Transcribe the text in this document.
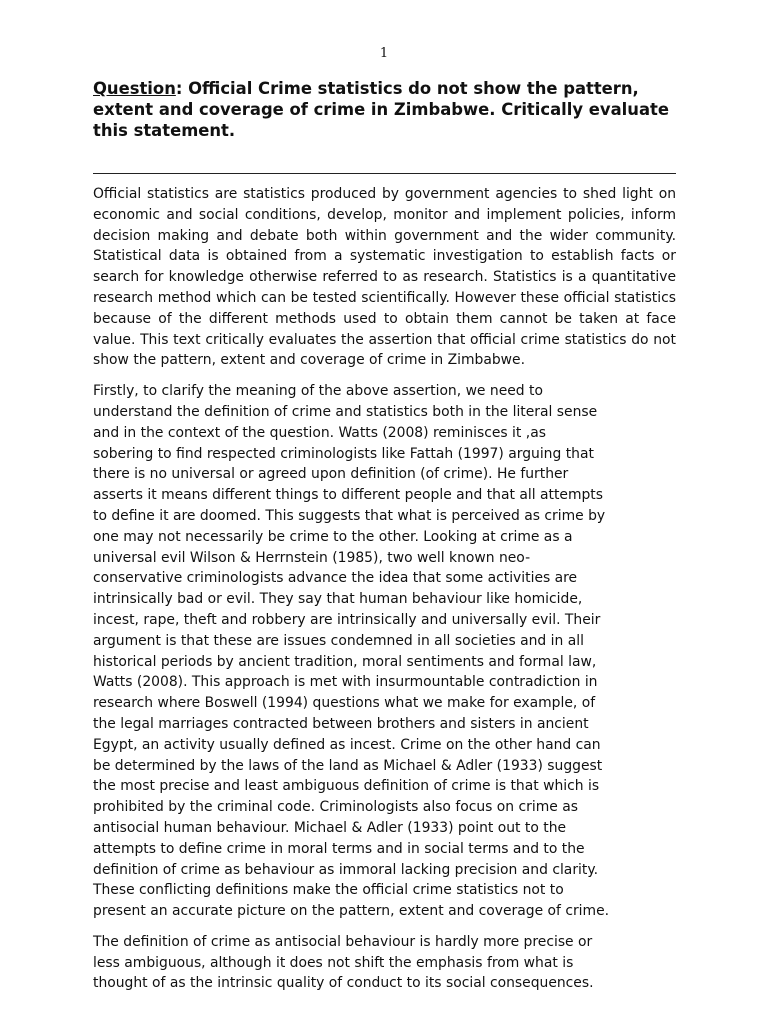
1
Question: Official Crime statistics do not show the pattern, extent and coverage of crime in Zimbabwe. Critically evaluate this statement.

Official statistics are statistics produced by government agencies to shed light on economic and social conditions, develop, monitor and implement policies, inform decision making and debate both within government and the wider community. Statistical data is obtained from a systematic investigation to establish facts or search for knowledge otherwise referred to as research. Statistics is a quantitative research method which can be tested scientifically. However these official statistics because of the different methods used to obtain them cannot be taken at face value. This text critically evaluates the assertion that official crime statistics do not show the pattern, extent and coverage of crime in Zimbabwe.

Firstly, to clarify the meaning of the above assertion, we need to
understand the definition of crime and statistics both in the literal sense
and in the context of the question. Watts (2008) reminisces it ,as
sobering to find respected criminologists like Fattah (1997) arguing that
there is no universal or agreed upon definition (of crime). He further
asserts it means different things to different people and that all attempts
to define it are doomed. This suggests that what is perceived as crime by
one may not necessarily be crime to the other. Looking at crime as a
universal evil Wilson & Herrnstein (1985), two well known neo-
conservative criminologists advance the idea that some activities are
intrinsically bad or evil. They say that human behaviour like homicide,
incest, rape, theft and robbery are intrinsically and universally evil. Their
argument is that these are issues condemned in all societies and in all
historical periods by ancient tradition, moral sentiments and formal law,
Watts (2008). This approach is met with insurmountable contradiction in
research where Boswell (1994) questions what we make for example, of
the legal marriages contracted between brothers and sisters in ancient
Egypt, an activity usually defined as incest. Crime on the other hand can
be determined by the laws of the land as Michael & Adler (1933) suggest
the most precise and least ambiguous definition of crime is that which is
prohibited by the criminal code. Criminologists also focus on crime as
antisocial human behaviour. Michael & Adler (1933) point out to the
attempts to define crime in moral terms and in social terms and to the
definition of crime as behaviour as immoral lacking precision and clarity.
These conflicting definitions make the official crime statistics not to
present an accurate picture on the pattern, extent and coverage of crime.

The definition of crime as antisocial behaviour is hardly more precise or
less ambiguous, although it does not shift the emphasis from what is
thought of as the intrinsic quality of conduct to its social consequences.
